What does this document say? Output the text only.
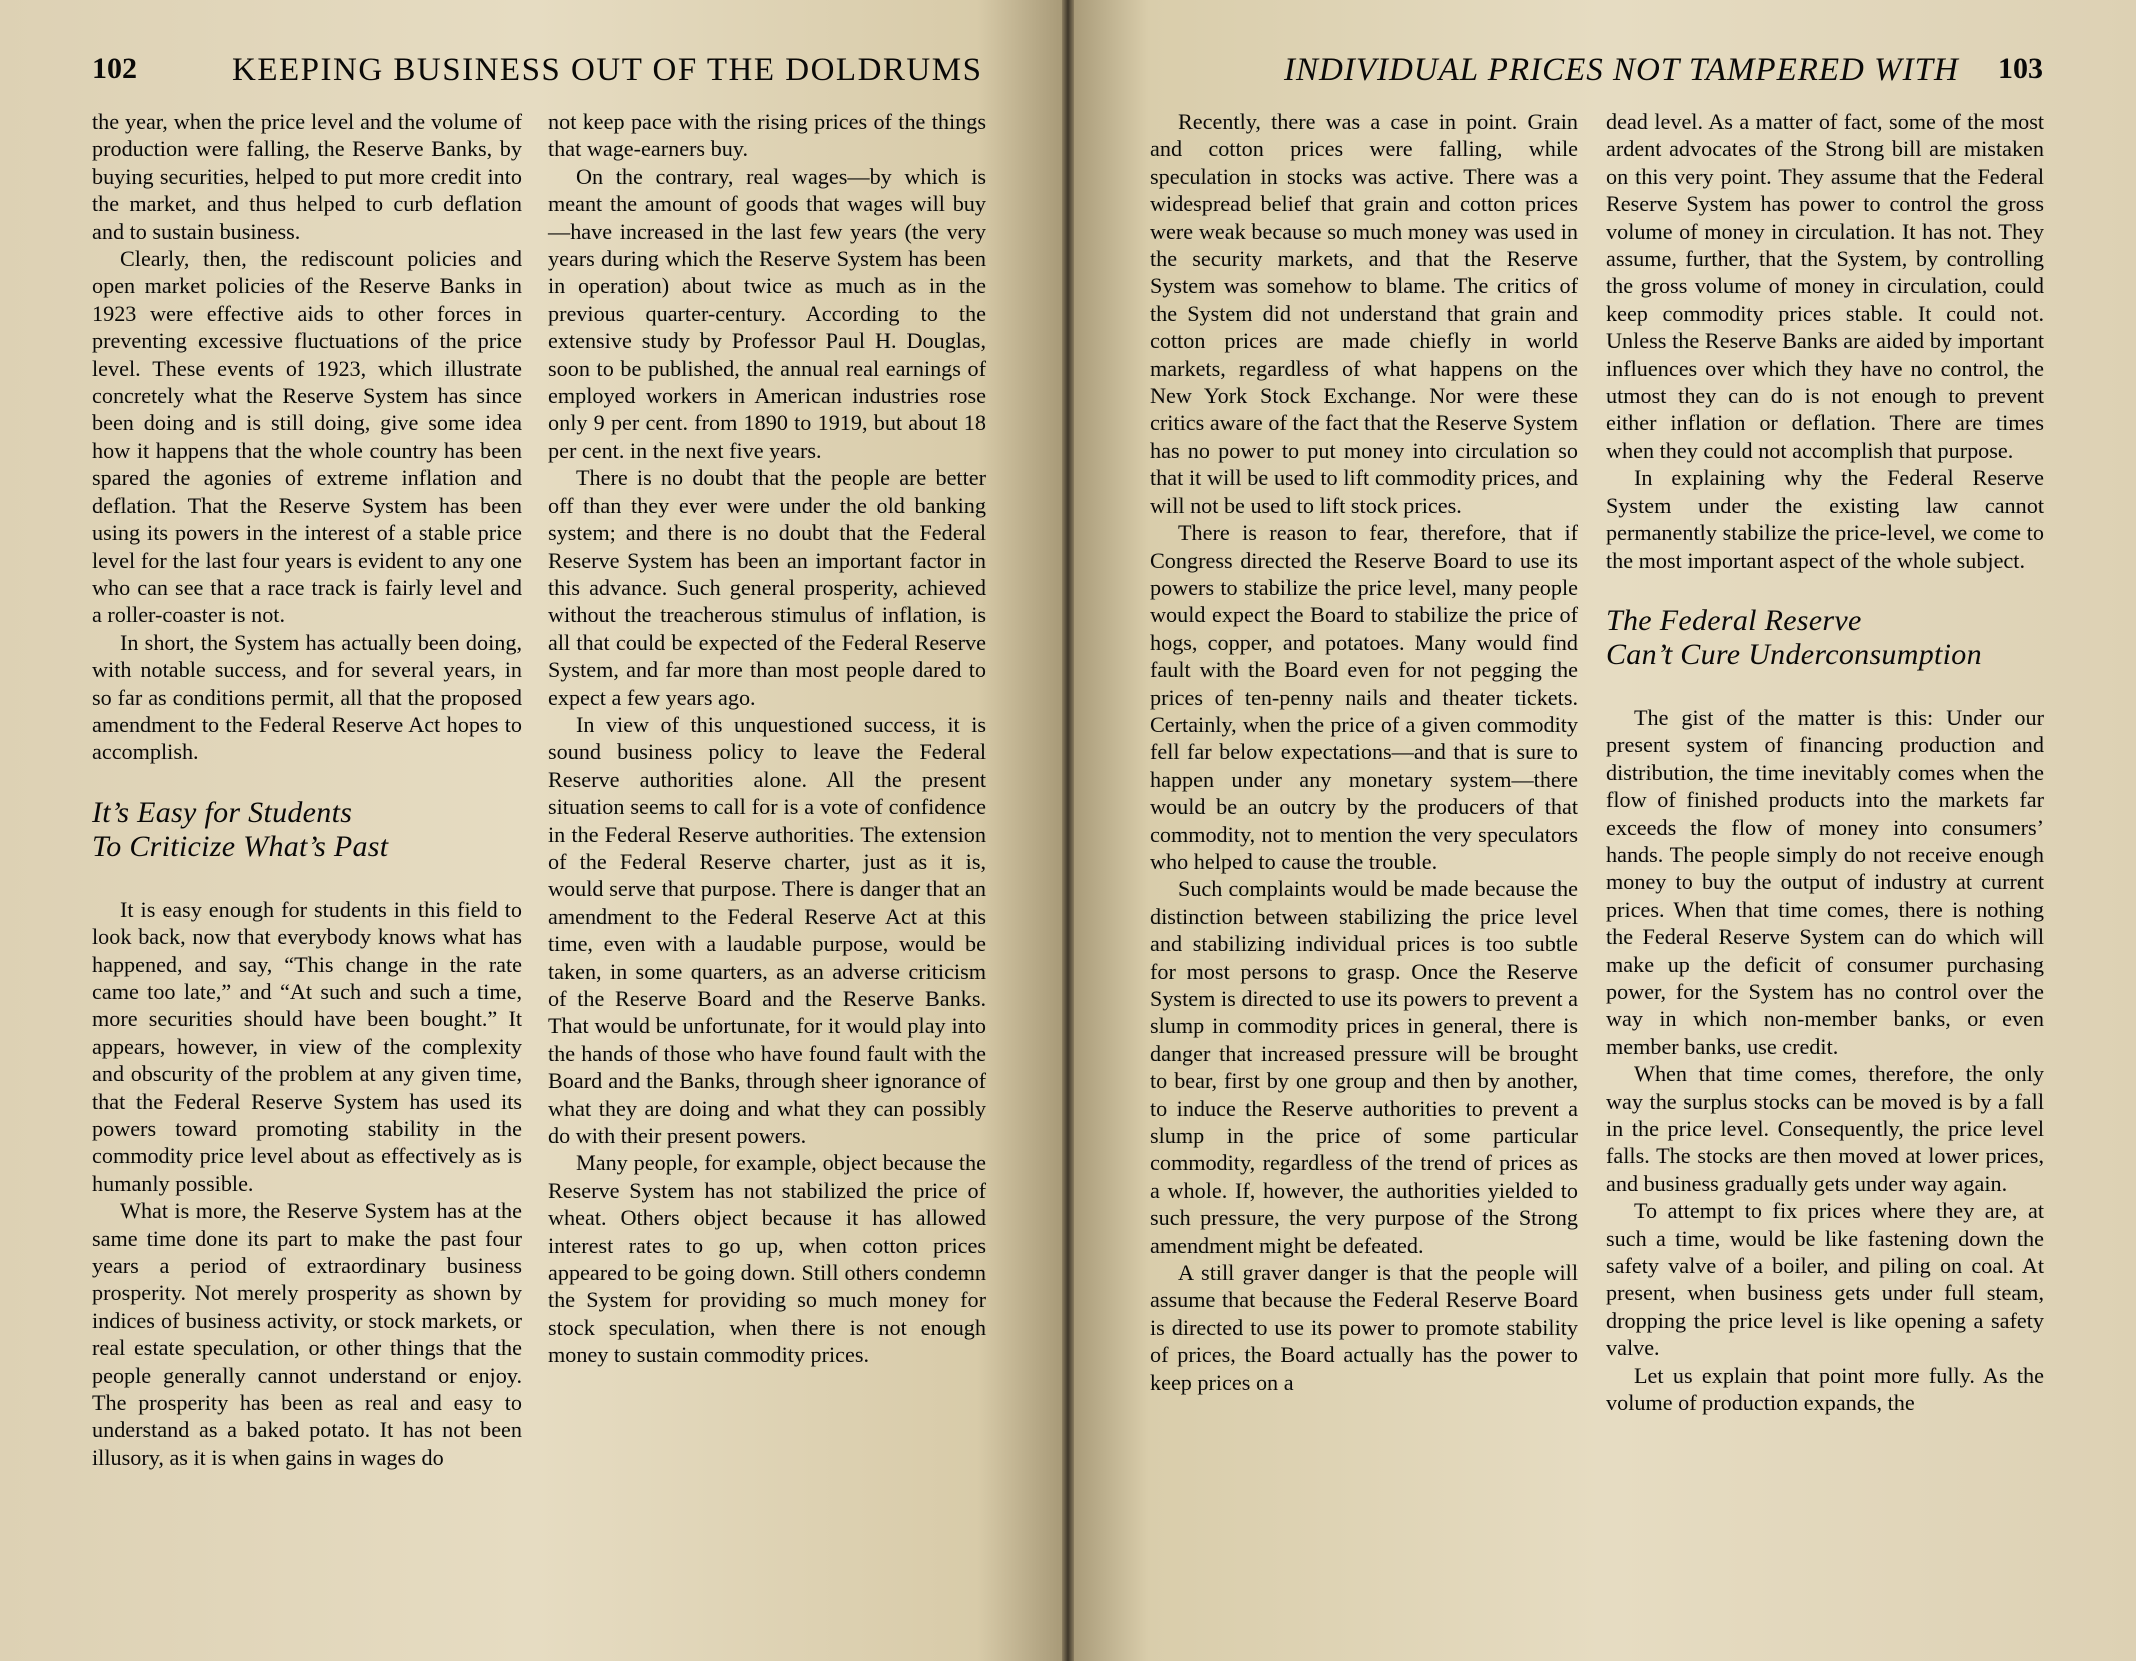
102	KEEPING BUSINESS OUT OF THE DOLDRUMS

the year, when the price level and the volume of production were falling, the Reserve Banks, by buying securities, helped to put more credit into the market, and thus helped to curb deflation and to sustain business.

Clearly, then, the rediscount policies and open market policies of the Reserve Banks in 1923 were effective aids to other forces in preventing excessive fluctuations of the price level. These events of 1923, which illustrate concretely what the Reserve System has since been doing and is still doing, give some idea how it happens that the whole country has been spared the agonies of extreme inflation and deflation. That the Reserve System has been using its powers in the interest of a stable price level for the last four years is evident to any one who can see that a race track is fairly level and a roller-coaster is not.

In short, the System has actually been doing, with notable success, and for several years, in so far as conditions permit, all that the proposed amendment to the Federal Reserve Act hopes to accomplish.

It’s Easy for Students
To Criticize What’s Past

It is easy enough for students in this field to look back, now that everybody knows what has happened, and say, “This change in the rate came too late,” and “At such and such a time, more securities should have been bought.” It appears, however, in view of the complexity and obscurity of the problem at any given time, that the Federal Reserve System has used its powers toward promoting stability in the commodity price level about as effectively as is humanly possible.

What is more, the Reserve System has at the same time done its part to make the past four years a period of extraordinary business prosperity. Not merely prosperity as shown by indices of business activity, or stock markets, or real estate speculation, or other things that the people generally cannot understand or enjoy. The prosperity has been as real and easy to understand as a baked potato. It has not been illusory, as it is when gains in wages do

not keep pace with the rising prices of the things that wage-earners buy.

On the contrary, real wages—by which is meant the amount of goods that wages will buy—have increased in the last few years (the very years during which the Reserve System has been in operation) about twice as much as in the previous quarter-century. According to the extensive study by Professor Paul H. Douglas, soon to be published, the annual real earnings of employed workers in American industries rose only 9 per cent. from 1890 to 1919, but about 18 per cent. in the next five years.

There is no doubt that the people are better off than they ever were under the old banking system; and there is no doubt that the Federal Reserve System has been an important factor in this advance. Such general prosperity, achieved without the treacherous stimulus of inflation, is all that could be expected of the Federal Reserve System, and far more than most people dared to expect a few years ago.

In view of this unquestioned success, it is sound business policy to leave the Federal Reserve authorities alone. All the present situation seems to call for is a vote of confidence in the Federal Reserve authorities. The extension of the Federal Reserve charter, just as it is, would serve that purpose. There is danger that an amendment to the Federal Reserve Act at this time, even with a laudable purpose, would be taken, in some quarters, as an adverse criticism of the Reserve Board and the Reserve Banks. That would be unfortunate, for it would play into the hands of those who have found fault with the Board and the Banks, through sheer ignorance of what they are doing and what they can possibly do with their present powers.

Many people, for example, object because the Reserve System has not stabilized the price of wheat. Others object because it has allowed interest rates to go up, when cotton prices appeared to be going down. Still others condemn the System for providing so much money for stock speculation, when there is not enough money to sustain commodity prices.

INDIVIDUAL PRICES NOT TAMPERED WITH 103

Recently, there was a case in point. Grain and cotton prices were falling, while speculation in stocks was active. There was a widespread belief that grain and cotton prices were weak because so much money was used in the security markets, and that the Reserve System was somehow to blame. The critics of the System did not understand that grain and cotton prices are made chiefly in world markets, regardless of what happens on the New York Stock Exchange. Nor were these critics aware of the fact that the Reserve System has no power to put money into circulation so that it will be used to lift commodity prices, and will not be used to lift stock prices.

There is reason to fear, therefore, that if Congress directed the Reserve Board to use its powers to stabilize the price level, many people would expect the Board to stabilize the price of hogs, copper, and potatoes. Many would find fault with the Board even for not pegging the prices of ten-penny nails and theater tickets. Certainly, when the price of a given commodity fell far below expectations—and that is sure to happen under any monetary system—there would be an outcry by the producers of that commodity, not to mention the very speculators who helped to cause the trouble.

Such complaints would be made because the distinction between stabilizing the price level and stabilizing individual prices is too subtle for most persons to grasp. Once the Reserve System is directed to use its powers to prevent a slump in commodity prices in general, there is danger that increased pressure will be brought to bear, first by one group and then by another, to induce the Reserve authorities to prevent a slump in the price of some particular commodity, regardless of the trend of prices as a whole. If, however, the authorities yielded to such pressure, the very purpose of the Strong amendment might be defeated.

A still graver danger is that the people will assume that because the Federal Reserve Board is directed to use its power to promote stability of prices, the Board actually has the power to keep prices on a

dead level. As a matter of fact, some of the most ardent advocates of the Strong bill are mistaken on this very point. They assume that the Federal Reserve System has power to control the gross volume of money in circulation. It has not. They assume, further, that the System, by controlling the gross volume of money in circulation, could keep commodity prices stable. It could not. Unless the Reserve Banks are aided by important influences over which they have no control, the utmost they can do is not enough to prevent either inflation or deflation. There are times when they could not accomplish that purpose.

In explaining why the Federal Reserve System under the existing law cannot permanently stabilize the price-level, we come to the most important aspect of the whole subject.

The Federal Reserve
Can’t Cure Underconsumption

The gist of the matter is this: Under our present system of financing production and distribution, the time inevitably comes when the flow of finished products into the markets far exceeds the flow of money into consumers’ hands. The people simply do not receive enough money to buy the output of industry at current prices. When that time comes, there is nothing the Federal Reserve System can do which will make up the deficit of consumer purchasing power, for the System has no control over the way in which non-member banks, or even member banks, use credit.

When that time comes, therefore, the only way the surplus stocks can be moved is by a fall in the price level. Consequently, the price level falls. The stocks are then moved at lower prices, and business gradually gets under way again.

To attempt to fix prices where they are, at such a time, would be like fastening down the safety valve of a boiler, and piling on coal. At present, when business gets under full steam, dropping the price level is like opening a safety valve.

Let us explain that point more fully. As the volume of production expands, the
